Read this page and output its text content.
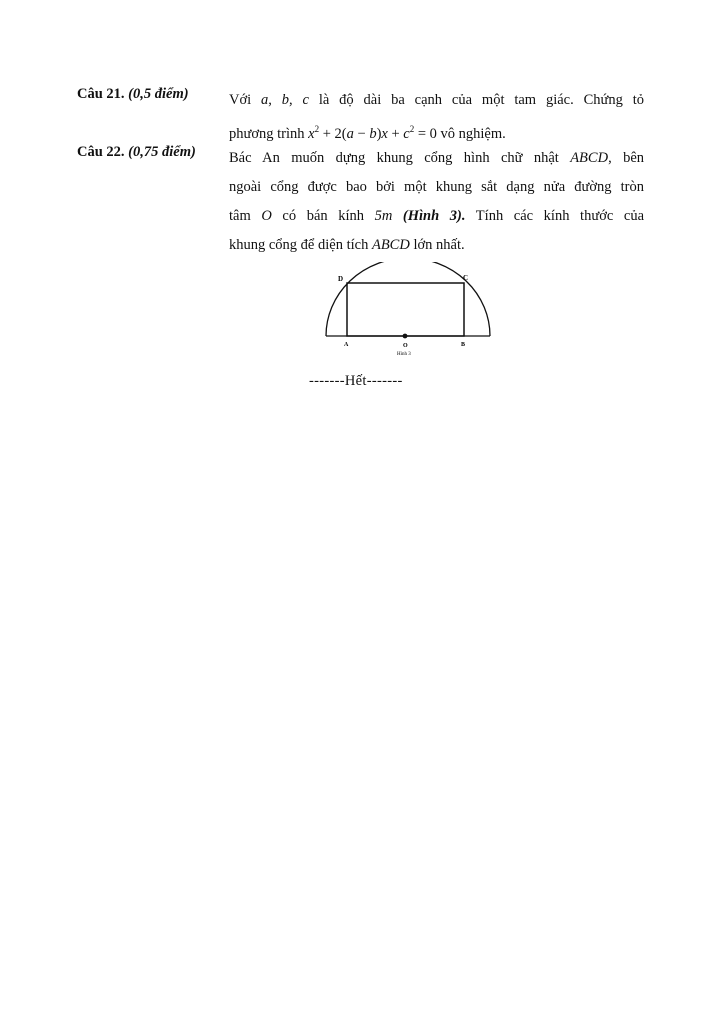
Câu 21. (0,5 điểm)	Với a, b, c là độ dài ba cạnh của một tam giác. Chứng tỏ
phương trình $x^2 + 2(a - b)x + c^2 = 0$ vô nghiệm.
Câu 22. (0,75 điểm) Bác An muốn dựng khung cổng hình chữ nhật ABCD, bên
ngoài cổng được bao bởi một khung sắt dạng nửa đường tròn
tâm O có bán kính 5m (Hình 3). Tính các kính thước của
khung cổng để diện tích ABCD lớn nhất.
D	C
A	O	B
Hình 3
-------Hết-------
